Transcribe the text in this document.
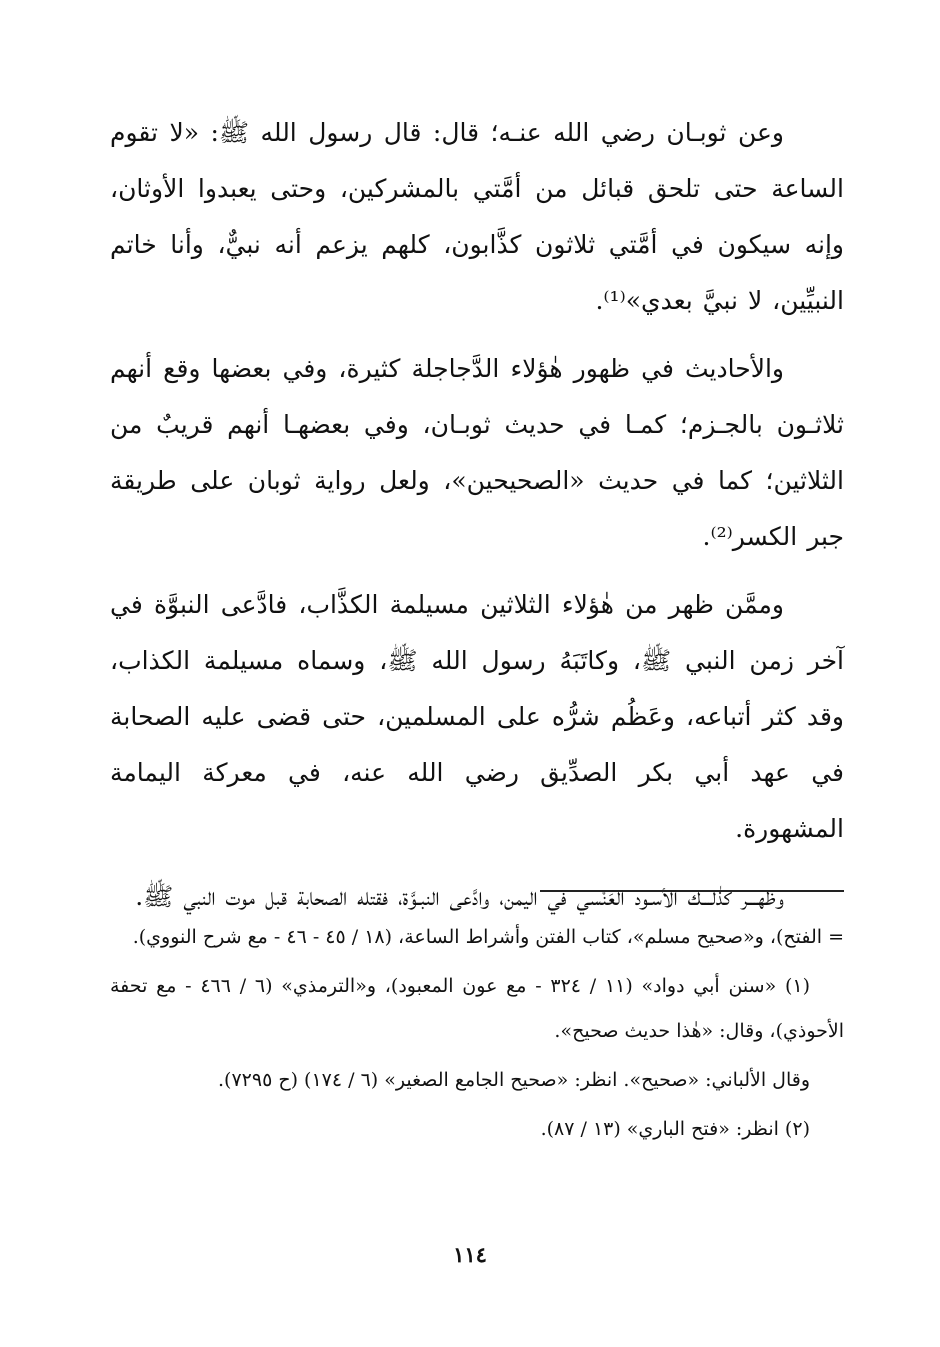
وعن ثوبـان رضي الله عنـه؛ قال: قال رسول الله ﷺ: «لا تقوم الساعة حتى تلحق قبائل من أمَّتي بالمشركين، وحتى يعبدوا الأوثان، وإنه سيكون في أمَّتي ثلاثون كذَّابون، كلهم يزعم أنه نبيٌّ، وأنا خاتم النبيِّين، لا نبيَّ بعدي»⁽¹⁾.

والأحاديث في ظهور هٰؤلاء الدَّجاجلة كثيرة، وفي بعضها وقع أنهم ثلاثـون بالجـزم؛ كمـا في حديث ثوبـان، وفي بعضهـا أنهم قريبٌ من الثلاثين؛ كما في حديث «الصحيحين»، ولعل رواية ثوبان على طريقة جبر الكسر⁽²⁾.

وممَّن ظهر من هٰؤلاء الثلاثين مسيلمة الكذَّاب، فادَّعى النبوَّة في آخر زمن النبي ﷺ، وكاتَبَهُ رسول الله ﷺ، وسماه مسيلمة الكذاب، وقد كثر أتباعه، وعَظُم شرُّه على المسلمين، حتى قضى عليه الصحابة في عهد أبي بكر الصدِّيق رضي الله عنه، في معركة اليمامة المشهورة.

وظهـــر كذٰلـــك الأسـود العَنْسي في اليمن، وادَّعى النبـوَّة، فقتله الصحابة قبل موت النبي ﷺ.

= الفتح)، و«صحيح مسلم»، كتاب الفتن وأشراط الساعة، (١٨ / ٤٥ - ٤٦ - مع شرح النووي).

(١) «سنن أبي دواد» (١١ / ٣٢٤ - مع عون المعبود)، و«الترمذي» (٦ / ٤٦٦ - مع تحفة الأحوذي)، وقال: «هٰذا حديث صحيح».

وقال الألباني: «صحيح». انظر: «صحيح الجامع الصغير» (٦ / ١٧٤) (ح ٧٢٩٥).

(٢) انظر: «فتح الباري» (١٣ / ٨٧).

١١٤
